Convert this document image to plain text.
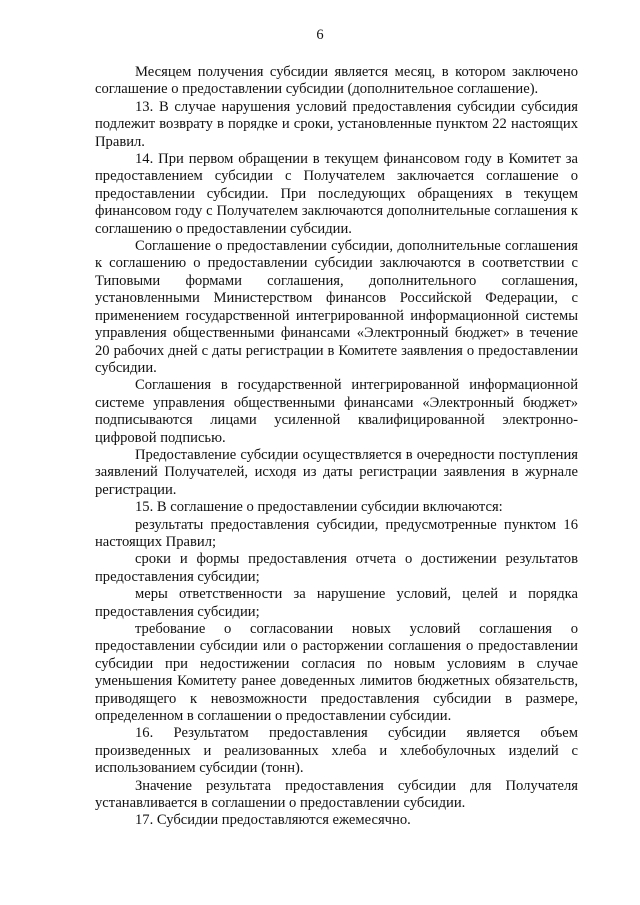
6

Месяцем получения субсидии является месяц, в котором заключено соглашение о предоставлении субсидии (дополнительное соглашение).

13. В случае нарушения условий предоставления субсидии субсидия подлежит возврату в порядке и сроки, установленные пунктом 22 настоящих Правил.

14. При первом обращении в текущем финансовом году в Комитет за предоставлением субсидии с Получателем заключается соглашение о предоставлении субсидии. При последующих обращениях в текущем финансовом году с Получателем заключаются дополнительные соглашения к соглашению о предоставлении субсидии.

Соглашение о предоставлении субсидии, дополнительные соглашения к соглашению о предоставлении субсидии заключаются в соответствии с Типовыми формами соглашения, дополнительного соглашения, установленными Министерством финансов Российской Федерации, с применением государственной интегрированной информационной системы управления общественными финансами «Электронный бюджет» в течение 20 рабочих дней с даты регистрации в Комитете заявления о предоставлении субсидии.

Соглашения в государственной интегрированной информационной системе управления общественными финансами «Электронный бюджет» подписываются лицами усиленной квалифицированной электронно-цифровой подписью.

Предоставление субсидии осуществляется в очередности поступления заявлений Получателей, исходя из даты регистрации заявления в журнале регистрации.

15. В соглашение о предоставлении субсидии включаются:

результаты предоставления субсидии, предусмотренные пунктом 16 настоящих Правил;

сроки и формы предоставления отчета о достижении результатов предоставления субсидии;

меры ответственности за нарушение условий, целей и порядка предоставления субсидии;

требование о согласовании новых условий соглашения о предоставлении субсидии или о расторжении соглашения о предоставлении субсидии при недостижении согласия по новым условиям в случае уменьшения Комитету ранее доведенных лимитов бюджетных обязательств, приводящего к невозможности предоставления субсидии в размере, определенном в соглашении о предоставлении субсидии.

16. Результатом предоставления субсидии является объем произведенных и реализованных хлеба и хлебобулочных изделий с использованием субсидии (тонн).

Значение результата предоставления субсидии для Получателя устанавливается в соглашении о предоставлении субсидии.

17. Субсидии предоставляются ежемесячно.
